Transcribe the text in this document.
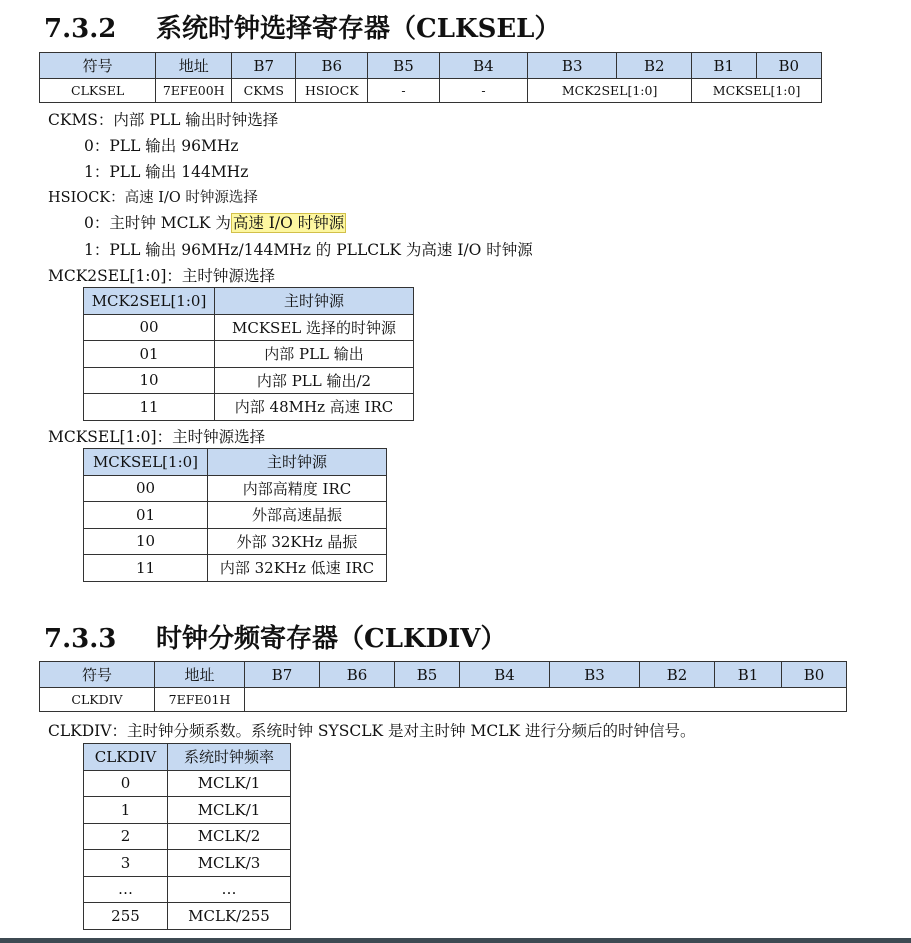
7.3.2 系统时钟选择寄存器（CLKSEL）
符号	地址	B7	B6	B5	B4	B3	B2	B1	B0
CLKSEL	7EFE00H	CKMS	HSIOCK	-	-	MCK2SEL[1:0]		MCKSEL[1:0]	
CKMS：内部 PLL 输出时钟选择
0：PLL 输出 96MHz
1：PLL 输出 144MHz
HSIOCK：高速 I/O 时钟源选择
0：主时钟 MCLK 为 高速 I/O 时钟源
1：PLL 输出 96MHz/144MHz 的 PLLCLK 为高速 I/O 时钟源
MCK2SEL[1:0]：主时钟源选择
MCK2SEL[1:0]	主时钟源
00	MCKSEL 选择的时钟源
01	内部 PLL 输出
10	内部 PLL 输出/2
11	内部 48MHz 高速 IRC
MCKSEL[1:0]：主时钟源选择
MCKSEL[1:0]	主时钟源
00	内部高精度 IRC
01	外部高速晶振
10	外部 32KHz 晶振
11	内部 32KHz 低速 IRC
7.3.3 时钟分频寄存器（CLKDIV）
符号	地址	B7	B6	B5	B4	B3	B2	B1	B0
CLKDIV	7EFE01H								
CLKDIV：主时钟分频系数。系统时钟 SYSCLK 是对主时钟 MCLK 进行分频后的时钟信号。
CLKDIV	系统时钟频率
0	MCLK/1
1	MCLK/1
2	MCLK/2
3	MCLK/3
…	…
255	MCLK/255
